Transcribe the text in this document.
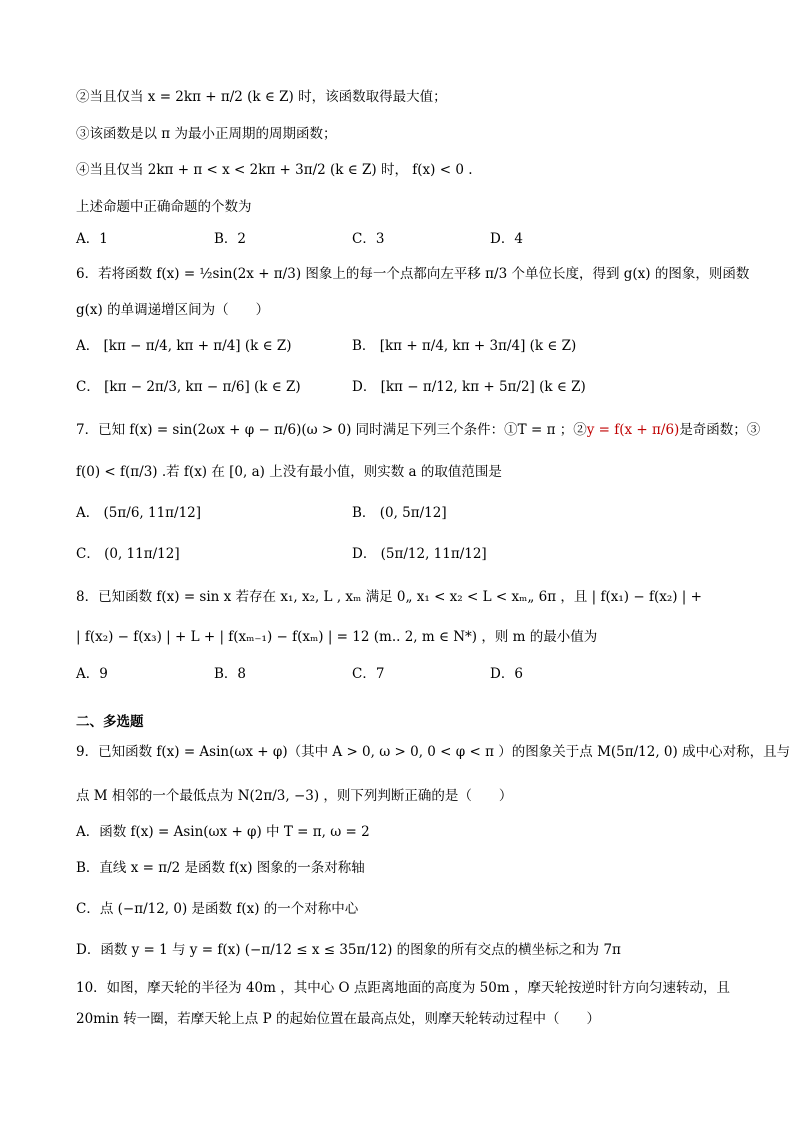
②当且仅当 x = 2kπ + π/2 (k ∈ Z) 时，该函数取得最大值；
③该函数是以 π 为最小正周期的周期函数；
④当且仅当 2kπ + π < x < 2kπ + 3π/2 (k ∈ Z) 时， f(x) < 0 .
上述命题中正确命题的个数为
A．1	B．2	C．3	D．4
6．若将函数 f(x) = ½sin(2x + π/3) 图象上的每一个点都向左平移 π/3 个单位长度，得到 g(x) 的图象，则函数
g(x) 的单调递增区间为（　　）
A． [kπ − π/4, kπ + π/4] (k ∈ Z)	B． [kπ + π/4, kπ + 3π/4] (k ∈ Z)
C． [kπ − 2π/3, kπ − π/6] (k ∈ Z)	D． [kπ − π/12, kπ + 5π/2] (k ∈ Z)
7．已知 f(x) = sin(2ωx + φ − π/6)(ω > 0) 同时满足下列三个条件：①T = π ；②y = f(x + π/6)是奇函数；③
f(0) < f(π/3) .若 f(x) 在 [0, a) 上没有最小值，则实数 a 的取值范围是
A． (5π/6, 11π/12]	B． (0, 5π/12]
C． (0, 11π/12]	D． (5π/12, 11π/12]
8．已知函数 f(x) = sin x 若存在 x₁, x₂, L , xₘ 满足 0„ x₁ < x₂ < L < xₘ„ 6π ，且 | f(x₁) − f(x₂) | +
| f(x₂) − f(x₃) | + L + | f(xₘ₋₁) − f(xₘ) | = 12 (m.. 2, m ∈ N*) ，则 m 的最小值为
A．9	B．8	C．7	D．6
二、多选题
9．已知函数 f(x) = Asin(ωx + φ)（其中 A > 0, ω > 0, 0 < φ < π ）的图象关于点 M(5π/12, 0) 成中心对称，且与
点 M 相邻的一个最低点为 N(2π/3, −3) ，则下列判断正确的是（　　）
A．函数 f(x) = Asin(ωx + φ) 中 T = π, ω = 2
B．直线 x = π/2 是函数 f(x) 图象的一条对称轴
C．点 (−π/12, 0) 是函数 f(x) 的一个对称中心
D．函数 y = 1 与 y = f(x) (−π/12 ≤ x ≤ 35π/12) 的图象的所有交点的横坐标之和为 7π
10．如图，摩天轮的半径为 40m ，其中心 O 点距离地面的高度为 50m ，摩天轮按逆时针方向匀速转动，且
20min 转一圈，若摩天轮上点 P 的起始位置在最高点处，则摩天轮转动过程中（　　）
